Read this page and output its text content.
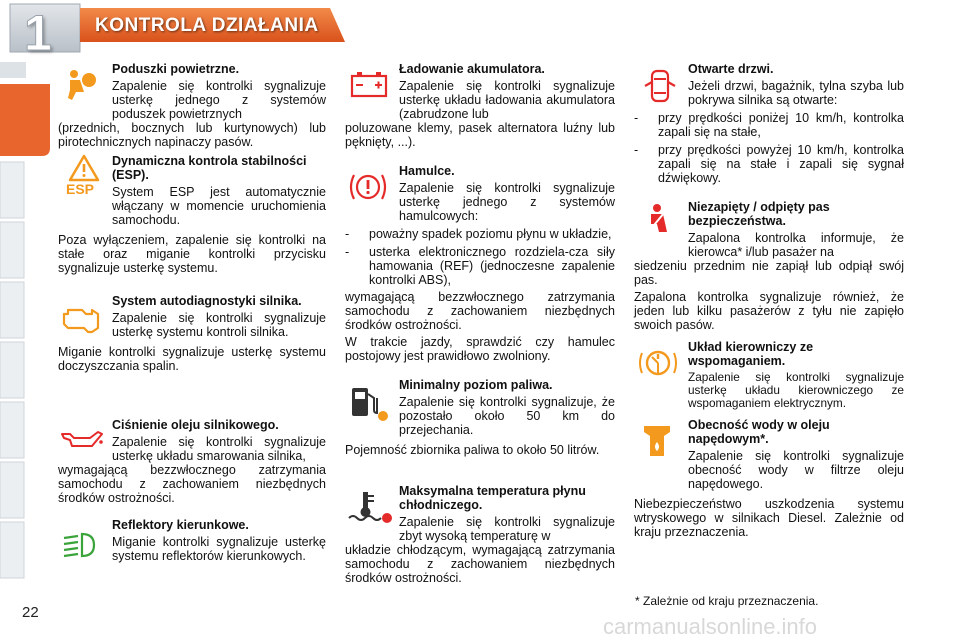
1 KONTROLA DZIAŁANIA
Poduszki powietrzne.
Zapalenie się kontrolki sygnalizuje usterkę jednego z systemów poduszek powietrznych
(przednich, bocznych lub kurtynowych) lub pirotechnicznych napinaczy pasów.
ESP
Dynamiczna kontrola stabilności (ESP).
System ESP jest automatycznie włączany w momencie uruchomienia samochodu.
Poza wyłączeniem, zapalenie się kontrolki na stałe oraz miganie kontrolki przycisku sygnalizuje usterkę systemu.
System autodiagnostyki silnika.
Zapalenie się kontrolki sygnalizuje usterkę systemu kontroli silnika.
Miganie kontrolki sygnalizuje usterkę systemu doczyszczania spalin.
Ciśnienie oleju silnikowego.
Zapalenie się kontrolki sygnalizuje usterkę układu smarowania silnika,
wymagającą bezzwłocznego zatrzymania samochodu z zachowaniem niezbędnych środków ostrożności.
Reflektory kierunkowe.
Miganie kontrolki sygnalizuje usterkę systemu reflektorów kierunkowych.
Ładowanie akumulatora.
Zapalenie się kontrolki sygnalizuje usterkę układu ładowania akumulatora (zabrudzone lub
poluzowane klemy, pasek alternatora luźny lub pęknięty, ...).
Hamulce.
Zapalenie się kontrolki sygnalizuje usterkę jednego z systemów hamulcowych:
- poważny spadek poziomu płynu w układzie,
- usterka elektronicznego rozdziela-cza siły hamowania (REF) (jednoczesne zapalenie kontrolki ABS),
wymagającą bezzwłocznego zatrzymania samochodu z zachowaniem niezbędnych środków ostrożności.
W trakcie jazdy, sprawdzić czy hamulec postojowy jest prawidłowo zwolniony.
Minimalny poziom paliwa.
Zapalenie się kontrolki sygnalizuje, że pozostało około 50 km do przejechania.
Pojemność zbiornika paliwa to około 50 litrów.
Maksymalna temperatura płynu chłodniczego.
Zapalenie się kontrolki sygnalizuje zbyt wysoką temperaturę w
układzie chłodzącym, wymagającą zatrzymania samochodu z zachowaniem niezbędnych środków ostrożności.
Otwarte drzwi.
Jeżeli drzwi, bagażnik, tylna szyba lub pokrywa silnika są otwarte:
- przy prędkości poniżej 10 km/h, kontrolka zapali się na stałe,
- przy prędkości powyżej 10 km/h, kontrolka zapali się na stałe i zapali się sygnał dźwiękowy.
Niezapięty / odpięty pas bezpieczeństwa.
Zapalona kontrolka informuje, że kierowca* i/lub pasażer na
siedzeniu przednim nie zapiął lub odpiął swój pas.
Zapalona kontrolka sygnalizuje również, że jeden lub kilku pasażerów z tyłu nie zapięło swoich pasów.
Układ kierowniczy ze wspomaganiem.
Zapalenie się kontrolki sygnalizuje usterkę układu kierowniczego ze wspomaganiem elektrycznym.
Obecność wody w oleju napędowym*.
Zapalenie się kontrolki sygnalizuje obecność wody w filtrze oleju napędowego.
Niebezpieczeństwo uszkodzenia systemu wtryskowego w silnikach Diesel. Zależnie od kraju przeznaczenia.
* Zależnie od kraju przeznaczenia.
22
carmanualsonline.info
